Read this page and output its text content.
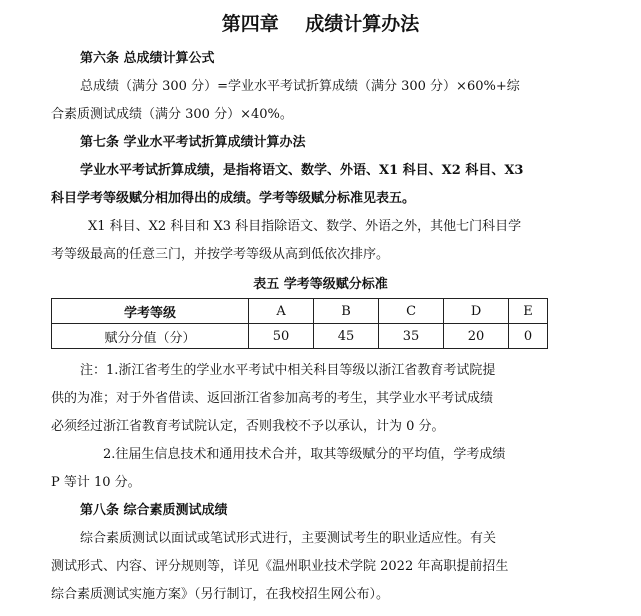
第四章    成绩计算办法
第六条 总成绩计算公式
总成绩（满分 300 分）=学业水平考试折算成绩（满分 300 分）×60%+综
合素质测试成绩（满分 300 分）×40%。
第七条 学业水平考试折算成绩计算办法
学业水平考试折算成绩，是指将语文、数学、外语、X1 科目、X2 科目、X3
科目学考等级赋分相加得出的成绩。学考等级赋分标准见表五。
X1 科目、X2 科目和 X3 科目指除语文、数学、外语之外，其他七门科目学
考等级最高的任意三门，并按学考等级从高到低依次排序。
表五 学考等级赋分标准
学考等级	A	B	C	D	E
赋分分值（分）	50	45	35	20	0
注：1.浙江省考生的学业水平考试中相关科目等级以浙江省教育考试院提
供的为准；对于外省借读、返回浙江省参加高考的考生，其学业水平考试成绩
必须经过浙江省教育考试院认定，否则我校不予以承认，计为 0 分。
2.往届生信息技术和通用技术合并，取其等级赋分的平均值，学考成绩
P 等计 10 分。
第八条 综合素质测试成绩
综合素质测试以面试或笔试形式进行，主要测试考生的职业适应性。有关
测试形式、内容、评分规则等，详见《温州职业技术学院 2022 年高职提前招生
综合素质测试实施方案》（另行制订，在我校招生网公布）。
